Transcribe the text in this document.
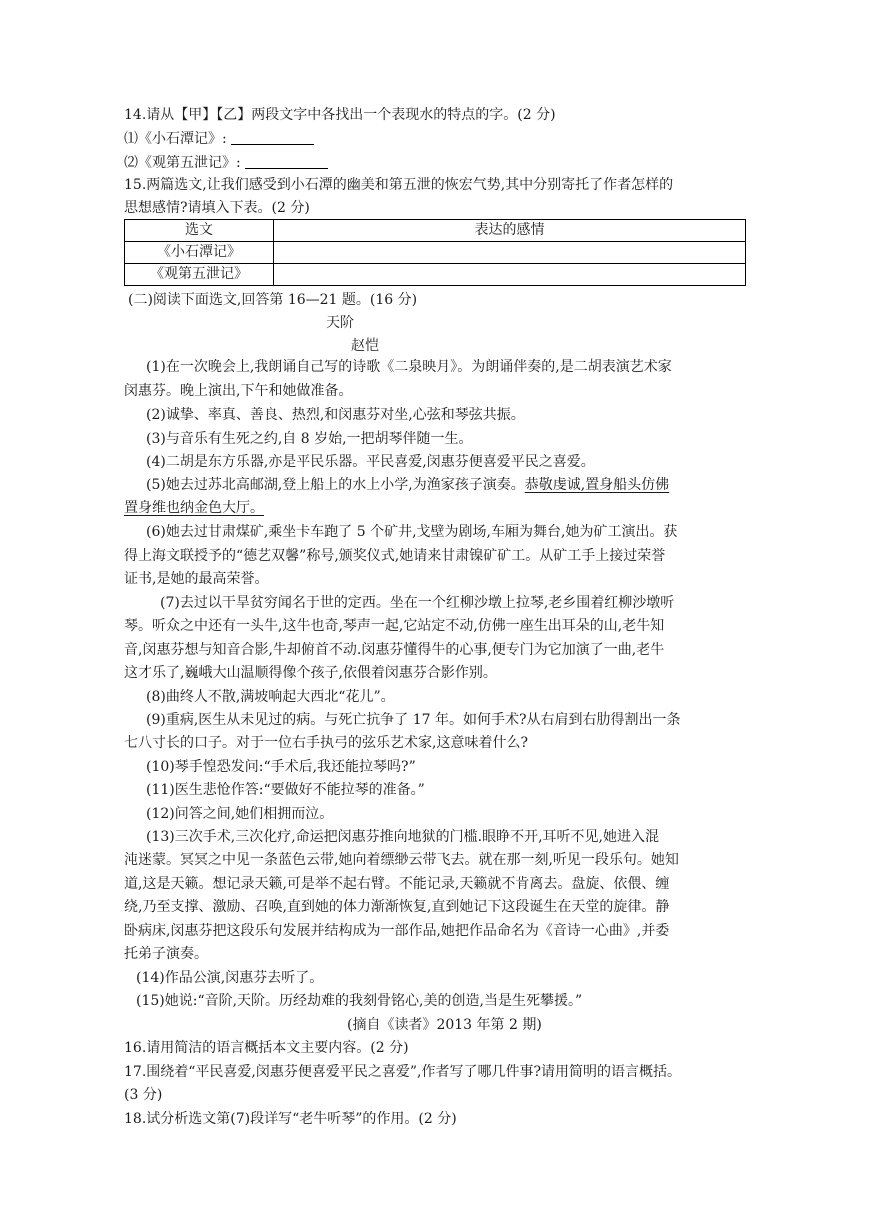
14.请从【甲】【乙】两段文字中各找出一个表现水的特点的字。(2 分)
⑴《小石潭记》:
⑵《观第五泄记》:
15.两篇选文,让我们感受到小石潭的幽美和第五泄的恢宏气势,其中分别寄托了作者怎样的
思想感情?请填入下表。(2 分)
选文	表达的感情
《小石潭记》	
《观第五泄记》	
(二)阅读下面选文,回答第 16—21 题。(16 分)
天阶
赵恺
(1)在一次晚会上,我朗诵自己写的诗歌《二泉映月》。为朗诵伴奏的,是二胡表演艺术家
闵惠芬。晚上演出,下午和她做准备。
(2)诚挚、率真、善良、热烈,和闵惠芬对坐,心弦和琴弦共振。
(3)与音乐有生死之约,自 8 岁始,一把胡琴伴随一生。
(4)二胡是东方乐器,亦是平民乐器。平民喜爱,闵惠芬便喜爱平民之喜爱。
(5)她去过苏北高邮湖,登上船上的水上小学,为渔家孩子演奏。恭敬虔诚,置身船头仿佛
置身维也纳金色大厅。
(6)她去过甘肃煤矿,乘坐卡车跑了 5 个矿井,戈壁为剧场,车厢为舞台,她为矿工演出。获
得上海文联授予的“德艺双馨”称号,颁奖仪式,她请来甘肃镍矿矿工。从矿工手上接过荣誉
证书,是她的最高荣誉。
(7)去过以干旱贫穷闻名于世的定西。坐在一个红柳沙墩上拉琴,老乡围着红柳沙墩听
琴。听众之中还有一头牛,这牛也奇,琴声一起,它站定不动,仿佛一座生出耳朵的山,老牛知
音,闵惠芬想与知音合影,牛却俯首不动.闵惠芬懂得牛的心事,便专门为它加演了一曲,老牛
这才乐了,巍峨大山温顺得像个孩子,依偎着闵惠芬合影作别。
(8)曲终人不散,满坡响起大西北“花儿”。
(9)重病,医生从未见过的病。与死亡抗争了 17 年。如何手术?从右肩到右肋得割出一条
七八寸长的口子。对于一位右手执弓的弦乐艺术家,这意味着什么?
(10)琴手惶恐发问:“手术后,我还能拉琴吗?”
(11)医生悲怆作答:“要做好不能拉琴的准备。”
(12)问答之间,她们相拥而泣。
(13)三次手术,三次化疗,命运把闵惠芬推向地狱的门槛.眼睁不开,耳听不见,她进入混
沌迷蒙。冥冥之中见一条蓝色云带,她向着缥缈云带飞去。就在那一刻,听见一段乐句。她知
道,这是天籁。想记录天籁,可是举不起右臂。不能记录,天籁就不肯离去。盘旋、依偎、缠
绕,乃至支撑、激励、召唤,直到她的体力渐渐恢复,直到她记下这段诞生在天堂的旋律。静
卧病床,闵惠芬把这段乐句发展并结构成为一部作品,她把作品命名为《音诗一心曲》,并委
托弟子演奏。
(14)作品公演,闵惠芬去听了。
(15)她说:“音阶,天阶。历经劫难的我刻骨铭心,美的创造,当是生死攀援。”
(摘自《读者》2013 年第 2 期)
16.请用简洁的语言概括本文主要内容。(2 分)
17.围绕着“平民喜爱,闵惠芬便喜爱平民之喜爱”,作者写了哪几件事?请用简明的语言概括。
(3 分)
18.试分析选文第(7)段详写“老牛听琴”的作用。(2 分)
